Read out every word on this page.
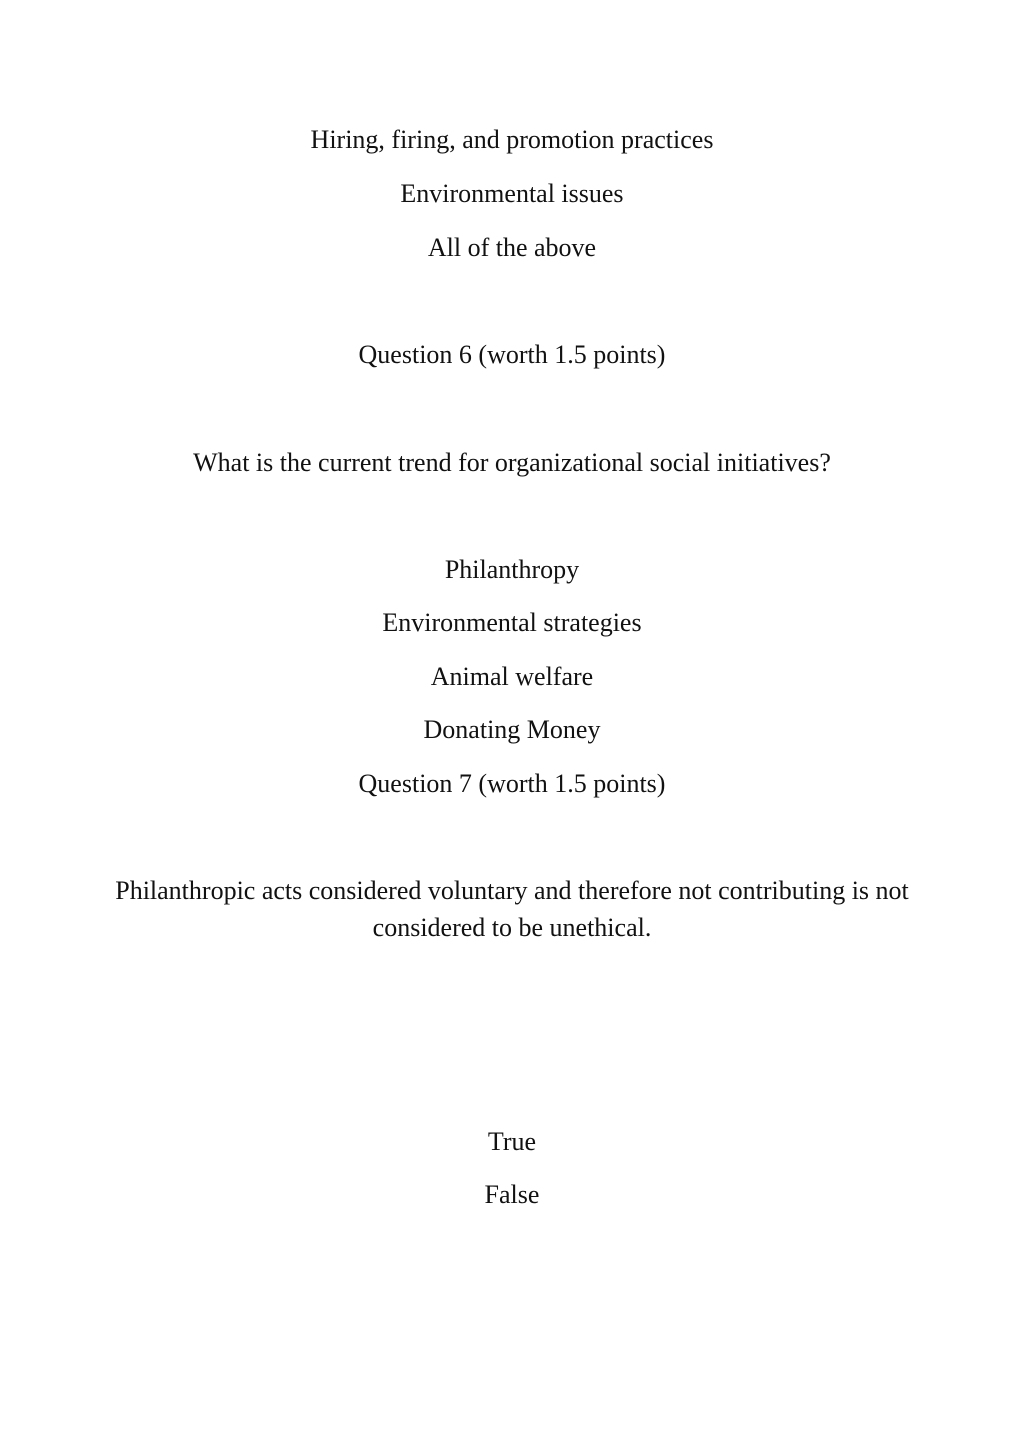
Hiring, firing, and promotion practices
Environmental issues
All of the above
Question 6 (worth 1.5 points)
What is the current trend for organizational social initiatives?
Philanthropy
Environmental strategies
Animal welfare
Donating Money
Question 7 (worth 1.5 points)
Philanthropic acts considered voluntary and therefore not contributing is not considered to be unethical.
True
False
